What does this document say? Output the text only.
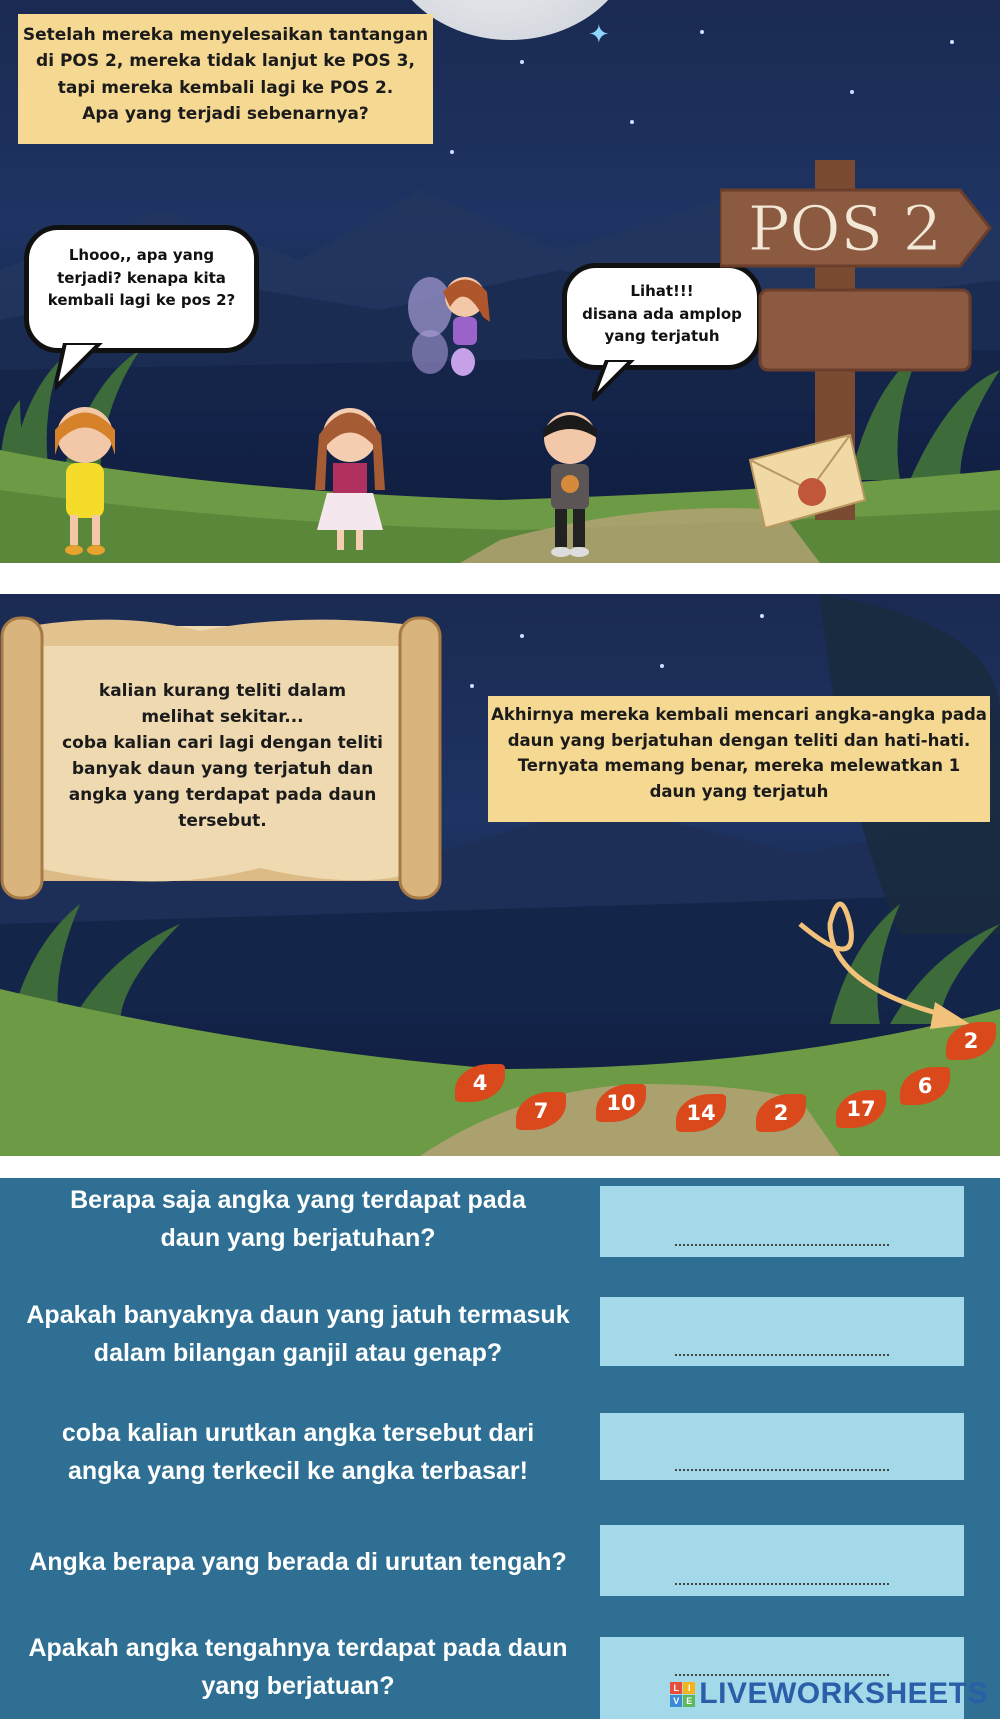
✦
Setelah mereka menyelesaikan tantangan
di POS 2, mereka tidak lanjut ke POS 3,
tapi mereka kembali lagi ke POS 2.
Apa yang terjadi sebenarnya?
Lhooo,, apa yang
terjadi? kenapa kita
kembali lagi ke pos 2?	Lihat!!!
disana ada amplop
yang terjatuh
POS 2
kalian kurang teliti dalam
melihat sekitar...
coba kalian cari lagi dengan teliti
banyak daun yang terjatuh dan
angka yang terdapat pada daun
tersebut.
Akhirnya mereka kembali mencari angka-angka pada
daun yang berjatuhan dengan teliti dan hati-hati.
Ternyata memang benar, mereka melewatkan 1
daun yang terjatuh
4
7	10	14	2	17
6
2
Berapa saja angka yang terdapat pada
daun yang berjatuhan?
Apakah banyaknya daun yang jatuh termasuk
dalam bilangan ganjil atau genap?
coba kalian urutkan angka tersebut dari
angka yang terkecil ke angka terbasar!
Angka berapa yang berada di urutan tengah?
Apakah angka tengahnya terdapat pada daun
yang berjatuan?	L I
V E LIVEWORKSHEETS
